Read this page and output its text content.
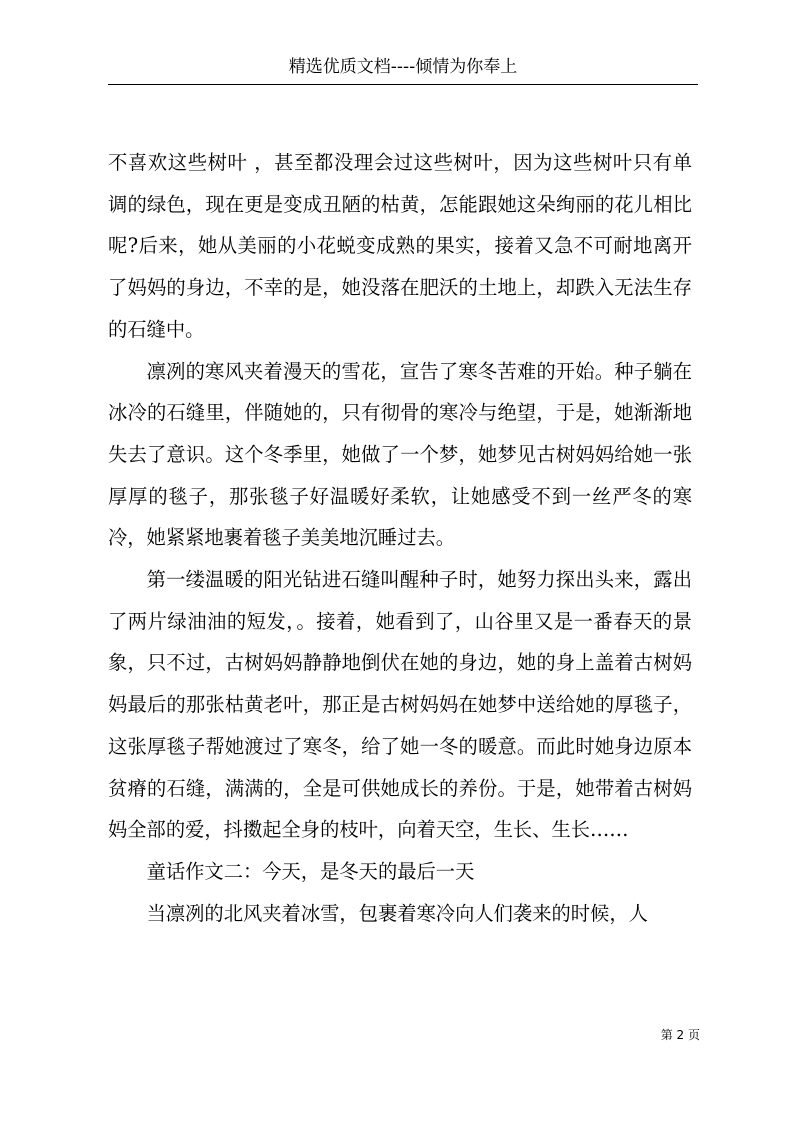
精选优质文档----倾情为你奉上

不喜欢这些树叶 ，甚至都没理会过这些树叶，因为这些树叶只有单调的绿色，现在更是变成丑陋的枯黄，怎能跟她这朵绚丽的花儿相比呢?后来，她从美丽的小花蜕变成熟的果实，接着又急不可耐地离开了妈妈的身边，不幸的是，她没落在肥沃的土地上，却跌入无法生存的石缝中。

凛冽的寒风夹着漫天的雪花，宣告了寒冬苦难的开始。种子躺在冰冷的石缝里，伴随她的，只有彻骨的寒冷与绝望，于是，她渐渐地失去了意识。这个冬季里，她做了一个梦，她梦见古树妈妈给她一张厚厚的毯子，那张毯子好温暖好柔软，让她感受不到一丝严冬的寒冷，她紧紧地裹着毯子美美地沉睡过去。

第一缕温暖的阳光钻进石缝叫醒种子时，她努力探出头来，露出了两片绿油油的短发，。接着，她看到了，山谷里又是一番春天的景象，只不过，古树妈妈静静地倒伏在她的身边，她的身上盖着古树妈妈最后的那张枯黄老叶，那正是古树妈妈在她梦中送给她的厚毯子，这张厚毯子帮她渡过了寒冬，给了她一冬的暖意。而此时她身边原本贫瘠的石缝，满满的，全是可供她成长的养份。于是，她带着古树妈妈全部的爱，抖擞起全身的枝叶，向着天空，生长、生长……

童话作文二：今天，是冬天的最后一天

当凛冽的北风夹着冰雪，包裹着寒冷向人们袭来的时候，人

第 2 页
